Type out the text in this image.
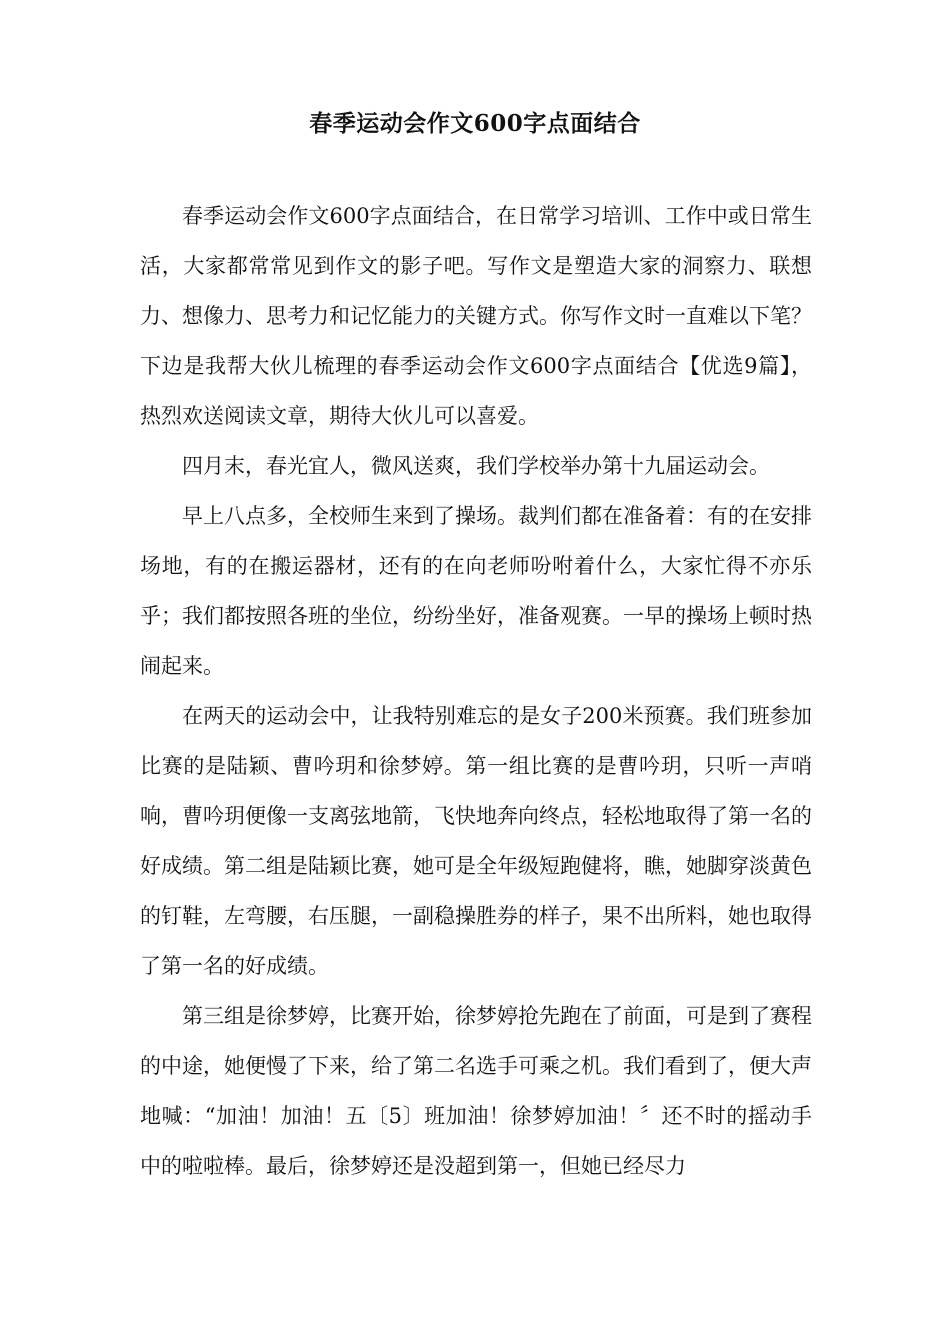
春季运动会作文600字点面结合

春季运动会作文600字点面结合，在日常学习培训、工作中或日常生活，大家都常常见到作文的影子吧。写作文是塑造大家的洞察力、联想力、想像力、思考力和记忆能力的关键方式。你写作文时一直难以下笔？下边是我帮大伙儿梳理的春季运动会作文600字点面结合【优选9篇】，热烈欢送阅读文章，期待大伙儿可以喜爱。

四月末，春光宜人，微风送爽，我们学校举办第十九届运动会。

早上八点多，全校师生来到了操场。裁判们都在准备着：有的在安排场地，有的在搬运器材，还有的在向老师吩咐着什么，大家忙得不亦乐乎；我们都按照各班的坐位，纷纷坐好，准备观赛。一早的操场上顿时热闹起来。

在两天的运动会中，让我特别难忘的是女子200米预赛。我们班参加比赛的是陆颖、曹吟玥和徐梦婷。第一组比赛的是曹吟玥，只听一声哨响，曹吟玥便像一支离弦地箭，飞快地奔向终点，轻松地取得了第一名的好成绩。第二组是陆颖比赛，她可是全年级短跑健将，瞧，她脚穿淡黄色的钉鞋，左弯腰，右压腿，一副稳操胜券的样子，果不出所料，她也取得了第一名的好成绩。

第三组是徐梦婷，比赛开始，徐梦婷抢先跑在了前面，可是到了赛程的中途，她便慢了下来，给了第二名选手可乘之机。我们看到了，便大声地喊：“加油！加油！五〔5〕班加油！徐梦婷加油！〞还不时的摇动手中的啦啦棒。最后，徐梦婷还是没超到第一，但她已经尽力
